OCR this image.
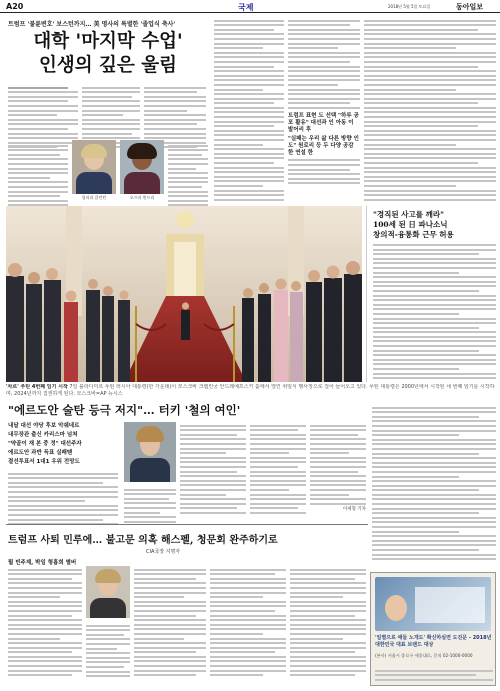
A20	국제	2018년 5월 5일 토요일	동아일보
트럼프 '불륜변호' 보스턴까지… 美 명사의 특별한 '졸업식 축사'
대학 '마지막 수업'
인생의 깊은 울림
힐러리 클린턴	오프라 윈프리
트럼프 표현 도 선택 "하루 공포 활유" 대선과 인 아동 이 발어리 후
"실패는 우리 삶 다른 방향 인도" 원로리 등 두 다양 공감 한 연설 한
'차르' 푸틴 4번째 임기 시작 7일 블라디미르 푸틴 러시아 대통령(한 가운데)이 모스크바 크렘린궁 안드레예프스키 홀에서 열린 취임식 행사장으로 걸어 들어오고 있다. 푸틴 대통령은 2000년에서 시작된 네 번째 임기를 시작하며, 2024년까지 집권하게 된다. 모스크바=AP 뉴시스
"경직된 사고를 깨라"
100세 된 日 파나소닉
창의적-융통화 근무 허용
"에르도안 술탄 등극 저지"… 터키 '철의 여인'
내달 대선 야당 후보 악쉐네르
내무장관 출신 카리스마 넘쳐
"약골이 재 본 중 정" 대선주자
에르도안 과반 득표 실패땐
결선투표서 1대1 우위 전망도
이세형 기자
트럼프 사퇴 민루에… 불고문 의혹 해스펠, 청문회 완주하기로
CIA국장 지명자
뭘 빈주제, 박일 형흉희 별버
'일별으로 애들 노개도' 확신하실면 도진문 - 2018년 대한민국 대표 브랜드 대상
(본사) 서울시 종로구 세종대로, 문의 02-1000-0000
